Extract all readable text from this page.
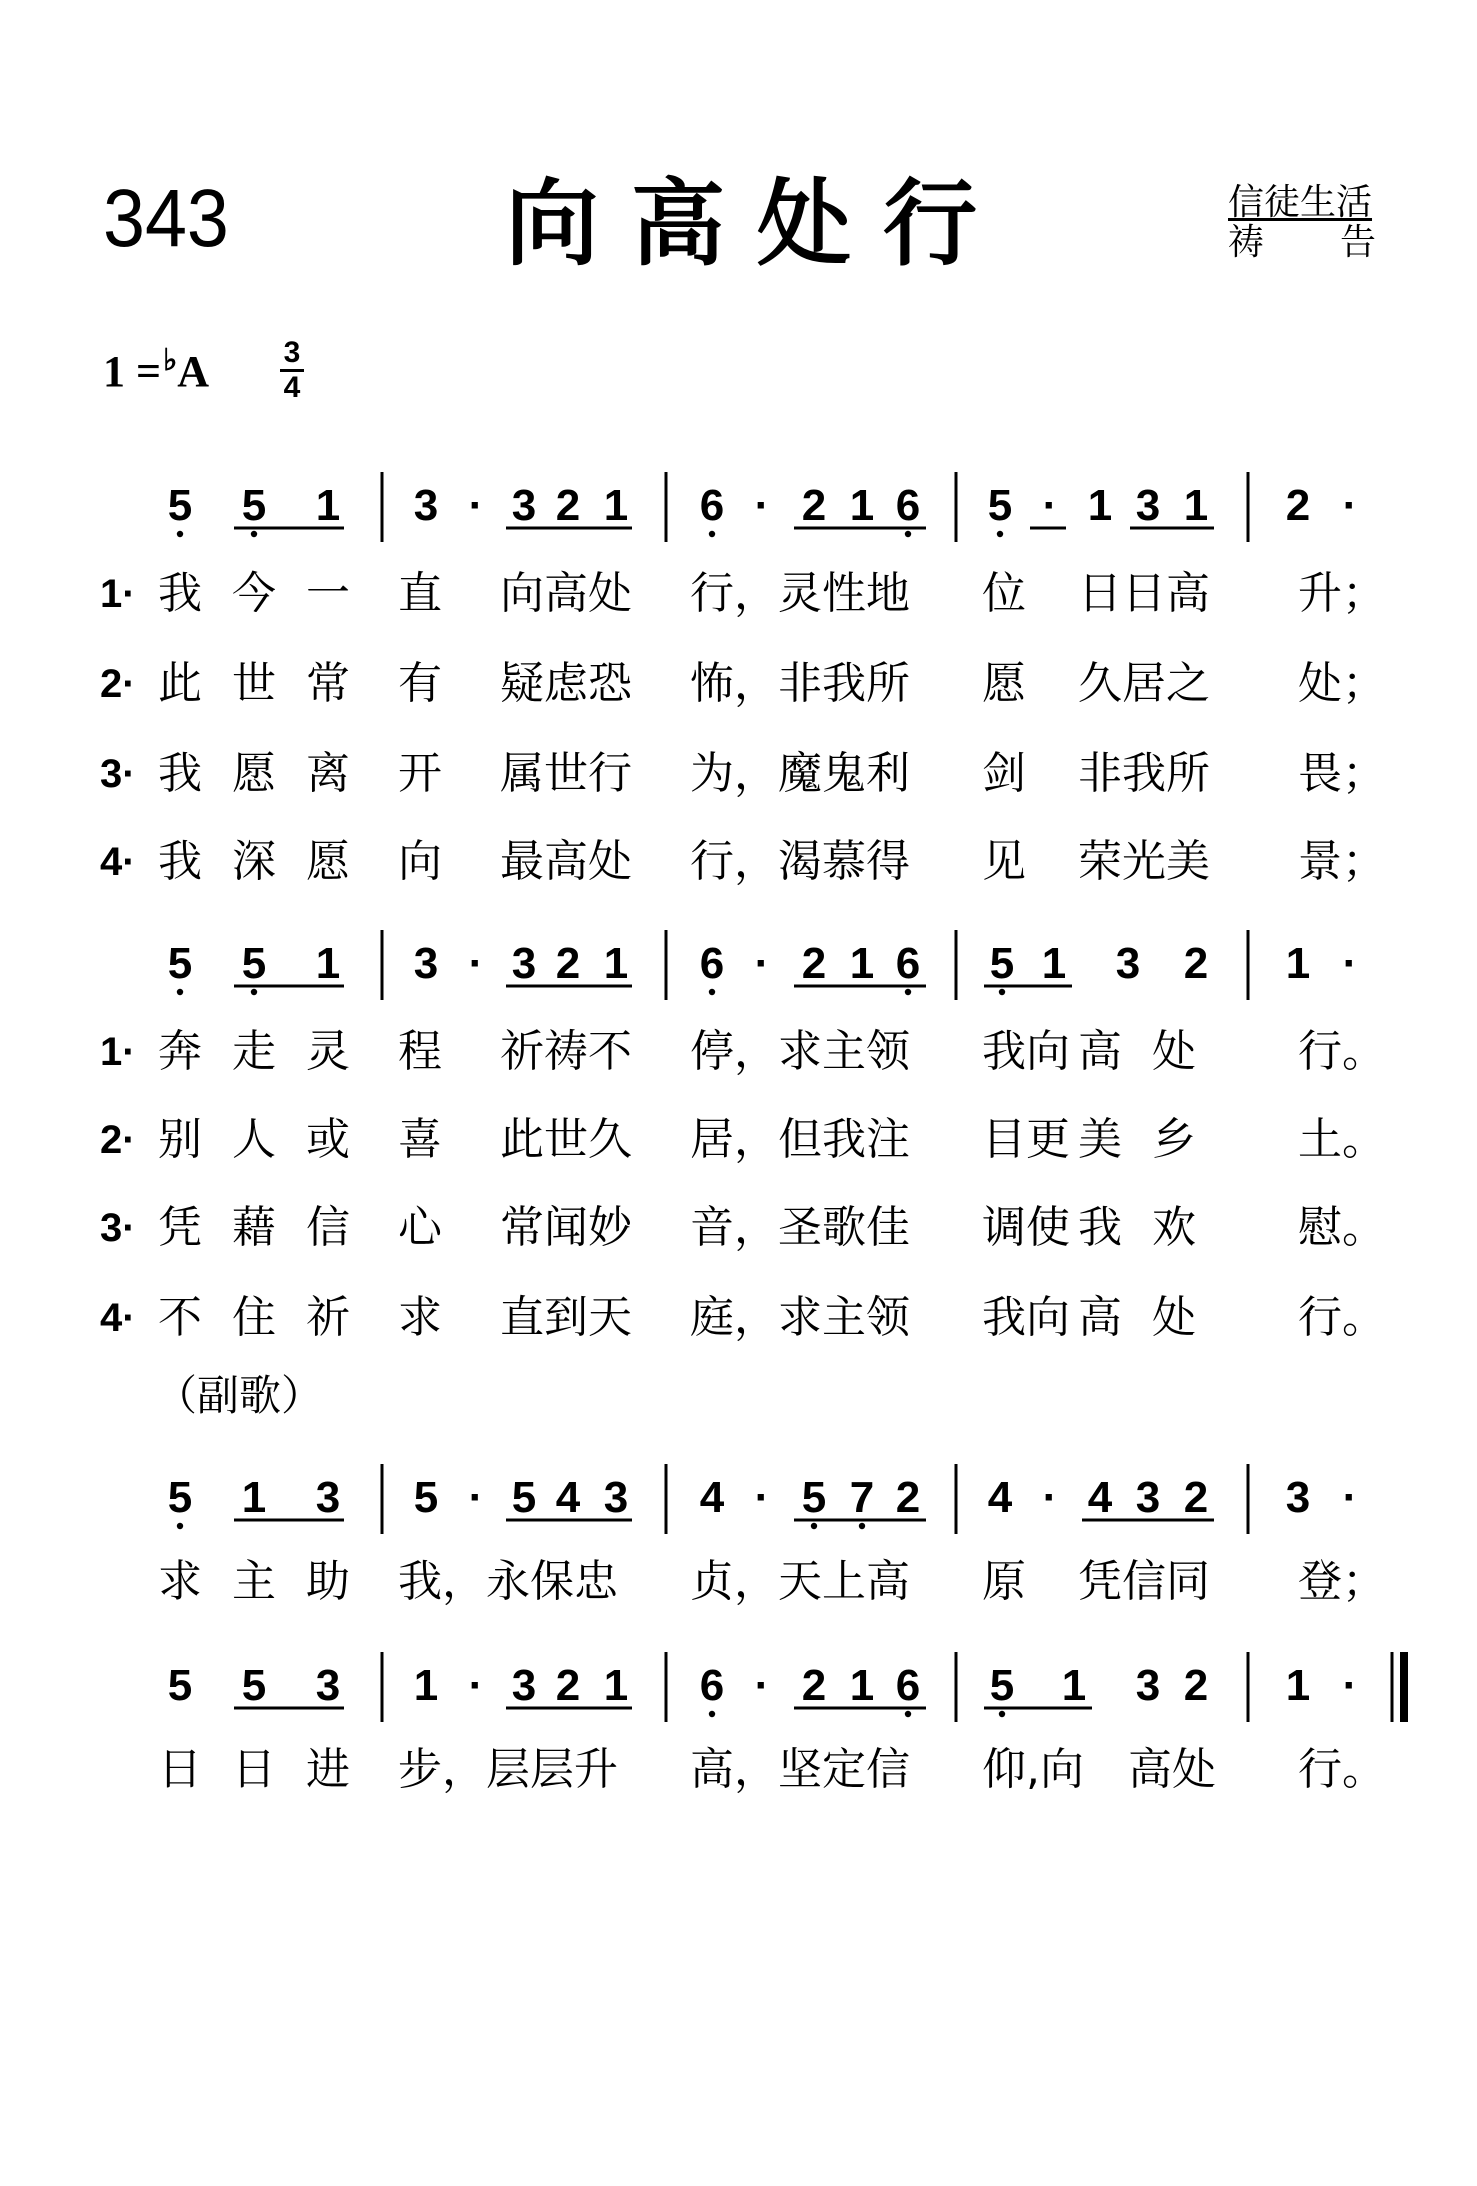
343	向高处行	信徒生活
祷 告
1 =♭A 3
4
（副歌）
5 5 1 3 · 3 2 1 6 · 2 1 6 5 · 1 3 1 2 ·
5 5 1 3 · 3 2 1 6 · 2 1 6 5 1 3 2 1 ·
5 1 3 5 · 5 4 3 4 · 5 7 2 4 · 4 3 2 3 ·
5 5 3 1 · 3 2 1 6 · 2 1 6 5 1 3 2 1 ·
1· 我 今 一 直 向高处 行，灵性地 位 日日高 升；
2· 此 世 常 有 疑虑恐 怖，非我所 愿 久居之 处；
3· 我 愿 离 开 属世行 为，魔鬼利 剑 非我所 畏；
4· 我 深 愿 向 最高处 行，渴慕得 见 荣光美 景；
1· 奔 走 灵 程 祈祷不 停，求主领 我向 高 处 行。
2· 别 人 或 喜 此世久 居，但我注 目更 美 乡 土。
3· 凭 藉 信 心 常闻妙 音，圣歌佳 调使 我 欢 慰。
4· 不 住 祈 求 直到天 庭，求主领 我向 高 处 行。
求 主 助 我，永保忠 贞，天上高 原 凭信同 登；
日 日 进 步，层层升 高，坚定信 仰,向 高处 行。
